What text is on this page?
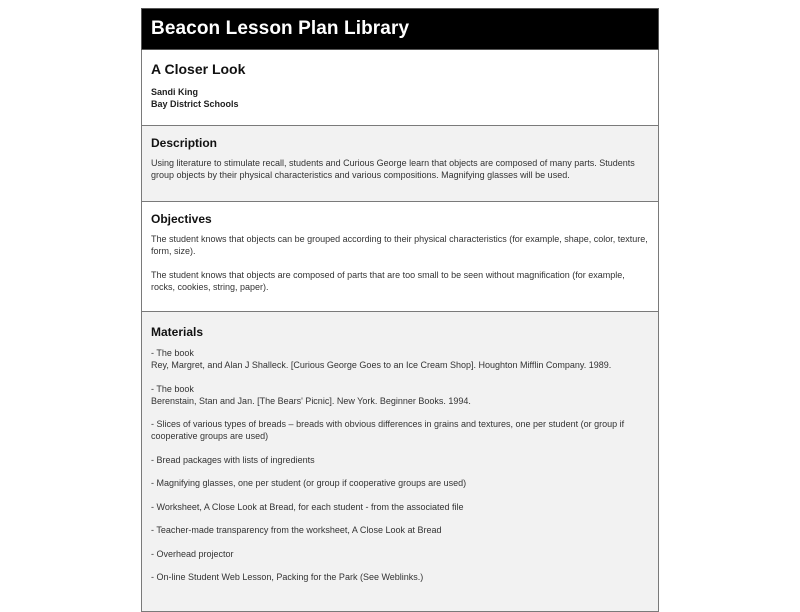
Beacon Lesson Plan Library
A Closer Look
Sandi King
Bay District Schools
Description
Using literature to stimulate recall, students and Curious George learn that objects are composed of many parts. Students group objects by their physical characteristics and various compositions. Magnifying glasses will be used.
Objectives

The student knows that objects can be grouped according to their physical characteristics (for example, shape, color, texture, form, size).

The student knows that objects are composed of parts that are too small to be seen without magnification (for example, rocks, cookies, string, paper).

Materials
- The book
Rey, Margret, and Alan J Shalleck. [Curious George Goes to an Ice Cream Shop]. Houghton Mifflin Company. 1989.
- The book
Berenstain, Stan and Jan. [The Bears' Picnic]. New York. Beginner Books. 1994.
- Slices of various types of breads – breads with obvious differences in grains and textures, one per student (or group if cooperative groups are used)
- Bread packages with lists of ingredients
- Magnifying glasses, one per student (or group if cooperative groups are used)
- Worksheet, A Close Look at Bread, for each student - from the associated file
- Teacher-made transparency from the worksheet, A Close Look at Bread
- Overhead projector
- On-line Student Web Lesson, Packing for the Park (See Weblinks.)
